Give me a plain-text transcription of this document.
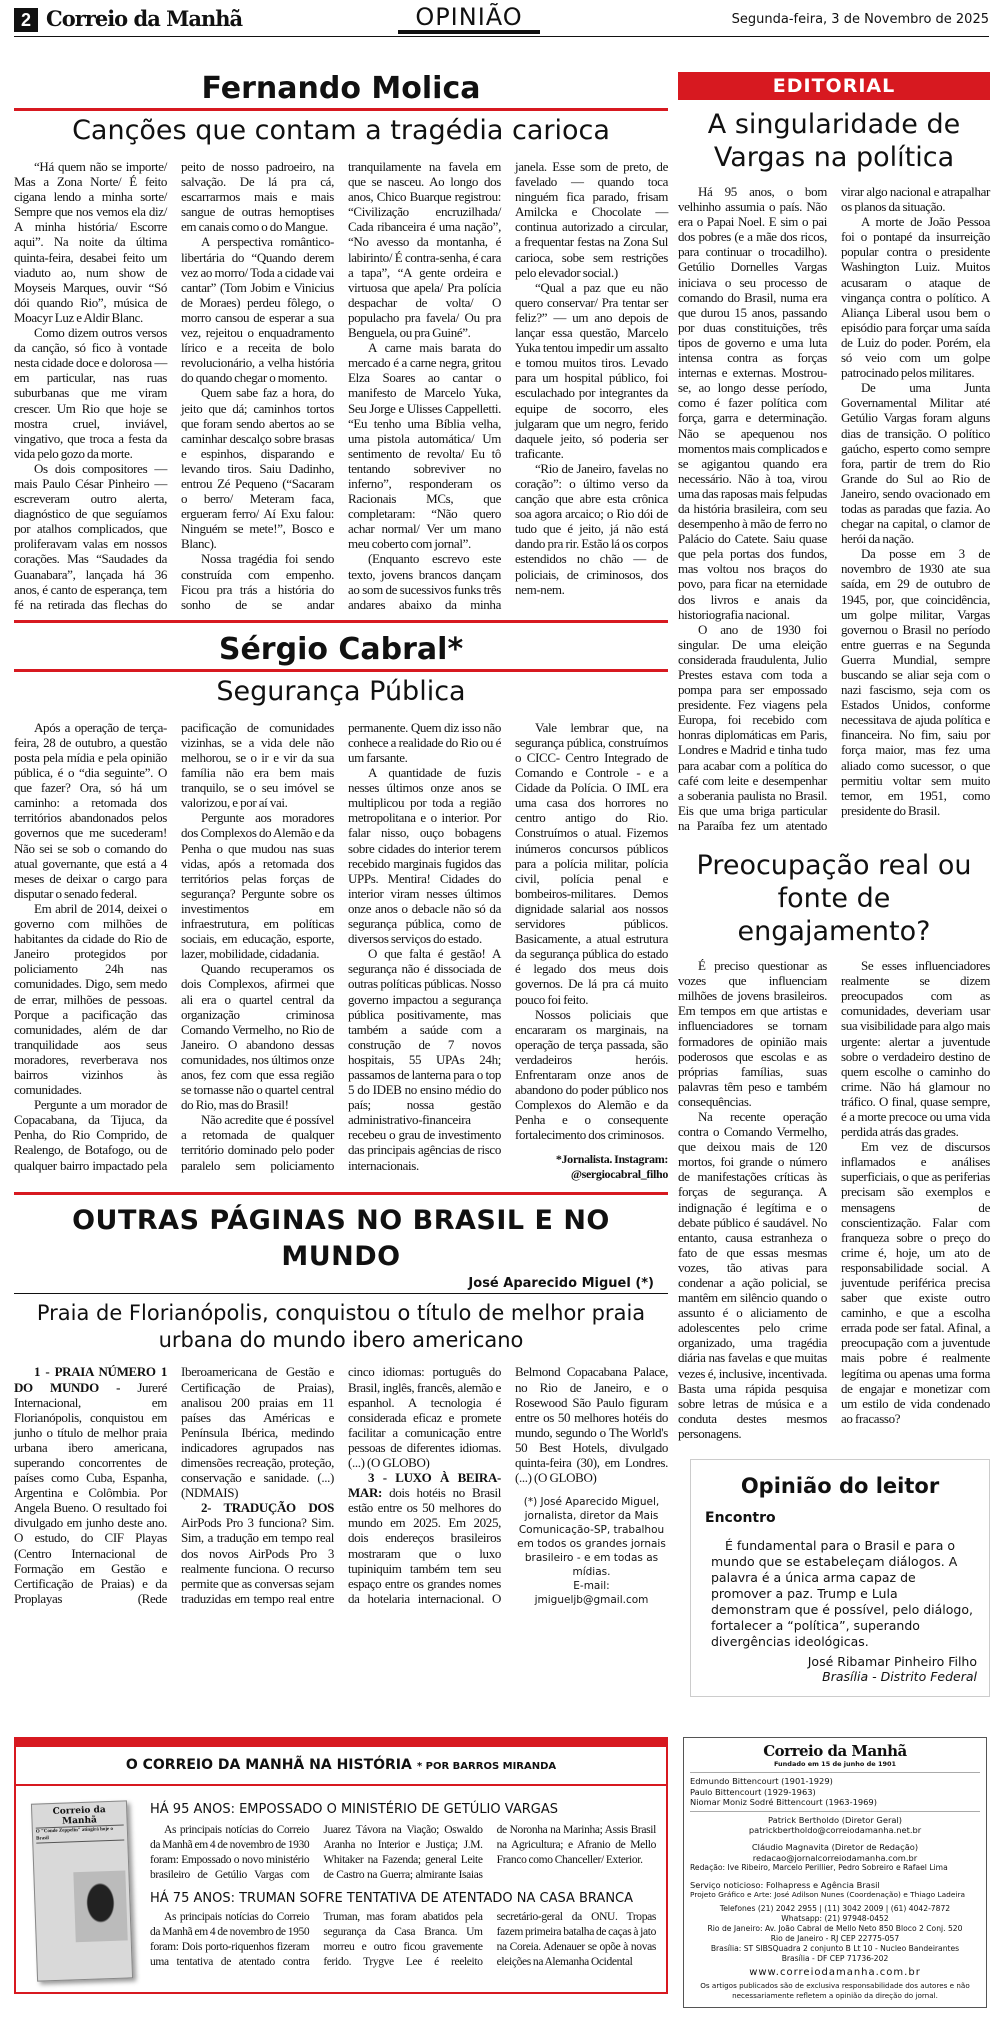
2 Correio da Manhã	OPINIÃO	Segunda-feira, 3 de Novembro de 2025
Fernando Molica
Canções que contam a tragédia carioca

“Há quem não se importe/ Mas a Zona Norte/ É feito cigana lendo a minha sorte/ Sempre que nos vemos ela diz/ A minha história/ Escorre aqui”. Na noite da última quinta-feira, desabei feito um viaduto ao, num show de Moyseis Marques, ouvir “Só dói quando Rio”, música de Moacyr Luz e Aldir Blanc.

Como dizem outros versos da canção, só fico à vontade nesta cidade doce e dolorosa — em particular, nas ruas suburbanas que me viram crescer. Um Rio que hoje se mostra cruel, inviável, vingativo, que troca a festa da vida pelo gozo da morte.

Os dois compositores — mais Paulo César Pinheiro — escreveram outro alerta, diagnóstico de que seguíamos por atalhos complicados, que proliferavam valas em nossos corações. Mas “Saudades da Guanabara”, lançada há 36 anos, é canto de esperança, tem fé na retirada das flechas do peito de nosso padroeiro, na salvação. De lá pra cá, escarrarmos mais e mais sangue de outras hemoptises em canais como o do Mangue.

A perspectiva romântico-libertária do “Quando derem vez ao morro/ Toda a cidade vai cantar” (Tom Jobim e Vinicius de Moraes) perdeu fôlego, o morro cansou de esperar a sua vez, rejeitou o enquadramento lírico e a receita de bolo revolucionário, a velha história do quando chegar o momento.

Quem sabe faz a hora, do jeito que dá; caminhos tortos que foram sendo abertos ao se caminhar descalço sobre brasas e espinhos, disparando e levando tiros. Saiu Dadinho, entrou Zé Pequeno (“Sacaram o berro/ Meteram faca, ergueram ferro/ Aí Exu falou: Ninguém se mete!”, Bosco e Blanc).

Nossa tragédia foi sendo construída com empenho. Ficou pra trás a história do sonho de se andar tranquilamente na favela em que se nasceu. Ao longo dos anos, Chico Buarque registrou: “Civilização encruzilhada/ Cada ribanceira é uma nação”, “No avesso da montanha, é labirinto/ É contra-senha, é cara a tapa”, “A gente ordeira e virtuosa que apela/ Pra polícia despachar de volta/ O populacho pra favela/ Ou pra Benguela, ou pra Guiné”.

A carne mais barata do mercado é a carne negra, gritou Elza Soares ao cantar o manifesto de Marcelo Yuka, Seu Jorge e Ulisses Cappelletti. “Eu tenho uma Bíblia velha, uma pistola automática/ Um sentimento de revolta/ Eu tô tentando sobreviver no inferno”, responderam os Racionais MCs, que completaram: “Não quero achar normal/ Ver um mano meu coberto com jornal”.

(Enquanto escrevo este texto, jovens brancos dançam ao som de sucessivos funks três andares abaixo da minha janela. Esse som de preto, de favelado — quando toca ninguém fica parado, frisam Amilcka e Chocolate — continua autorizado a circular, a frequentar festas na Zona Sul carioca, sobe sem restrições pelo elevador social.)

“Qual a paz que eu não quero conservar/ Pra tentar ser feliz?” — um ano depois de lançar essa questão, Marcelo Yuka tentou impedir um assalto e tomou muitos tiros. Levado para um hospital público, foi esculachado por integrantes da equipe de socorro, eles julgaram que um negro, ferido daquele jeito, só poderia ser traficante.

“Rio de Janeiro, favelas no coração”: o último verso da canção que abre esta crônica soa agora arcaico; o Rio dói de tudo que é jeito, já não está dando pra rir. Estão lá os corpos estendidos no chão — de policiais, de criminosos, dos nem-nem.

Sérgio Cabral*
Segurança Pública

Após a operação de terça-feira, 28 de outubro, a questão posta pela mídia e pela opinião pública, é o “dia seguinte”. O que fazer? Ora, só há um caminho: a retomada dos territórios abandonados pelos governos que me sucederam! Não sei se sob o comando do atual governante, que está a 4 meses de deixar o cargo para disputar o senado federal.

Em abril de 2014, deixei o governo com milhões de habitantes da cidade do Rio de Janeiro protegidos por policiamento 24h nas comunidades. Digo, sem medo de errar, milhões de pessoas. Porque a pacificação das comunidades, além de dar tranquilidade aos seus moradores, reverberava nos bairros vizinhos às comunidades.

Pergunte a um morador de Copacabana, da Tijuca, da Penha, do Rio Comprido, de Realengo, de Botafogo, ou de qualquer bairro impactado pela pacificação de comunidades vizinhas, se a vida dele não melhorou, se o ir e vir da sua família não era bem mais tranquilo, se o seu imóvel se valorizou, e por aí vai.

Pergunte aos moradores dos Complexos do Alemão e da Penha o que mudou nas suas vidas, após a retomada dos territórios pelas forças de segurança? Pergunte sobre os investimentos em infraestrutura, em políticas sociais, em educação, esporte, lazer, mobilidade, cidadania.

Quando recuperamos os dois Complexos, afirmei que ali era o quartel central da organização criminosa Comando Vermelho, no Rio de Janeiro. O abandono dessas comunidades, nos últimos onze anos, fez com que essa região se tornasse não o quartel central do Rio, mas do Brasil!

Não acredite que é possível a retomada de qualquer território dominado pelo poder paralelo sem policiamento permanente. Quem diz isso não conhece a realidade do Rio ou é um farsante.

A quantidade de fuzis nesses últimos onze anos se multiplicou por toda a região metropolitana e o interior. Por falar nisso, ouço bobagens sobre cidades do interior terem recebido marginais fugidos das UPPs. Mentira! Cidades do interior viram nesses últimos onze anos o debacle não só da segurança pública, como de diversos serviços do estado.

O que falta é gestão! A segurança não é dissociada de outras políticas públicas. Nosso governo impactou a segurança pública positivamente, mas também a saúde com a construção de 7 novos hospitais, 55 UPAs 24h; passamos de lanterna para o top 5 do IDEB no ensino médio do país; nossa gestão administrativo-financeira recebeu o grau de investimento das principais agências de risco internacionais.

Vale lembrar que, na segurança pública, construímos o CICC- Centro Integrado de Comando e Controle - e a Cidade da Polícia. O IML era uma casa dos horrores no centro antigo do Rio. Construímos o atual. Fizemos inúmeros concursos públicos para a polícia militar, polícia civil, polícia penal e bombeiros-militares. Demos dignidade salarial aos nossos servidores públicos. Basicamente, a atual estrutura da segurança pública do estado é legado dos meus dois governos. De lá pra cá muito pouco foi feito.

Nossos policiais que encararam os marginais, na operação de terça passada, são verdadeiros heróis. Enfrentaram onze anos de abandono do poder público nos Complexos do Alemão e da Penha e o consequente fortalecimento dos criminosos.

*Jornalista. Instagram: @sergiocabral_filho
OUTRAS PÁGINAS NO BRASIL E NO MUNDO
José Aparecido Miguel (*)
Praia de Florianópolis, conquistou o título de melhor praia urbana do mundo ibero americano

1 - PRAIA NÚMERO 1 DO MUNDO - Jureré Internacional, em Florianópolis, conquistou em junho o título de melhor praia urbana ibero americana, superando concorrentes de países como Cuba, Espanha, Argentina e Colômbia. Por Angela Bueno. O resultado foi divulgado em junho deste ano. O estudo, do CIF Playas (Centro Internacional de Formação em Gestão e Certificação de Praias) e da Proplayas (Rede Iberoamericana de Gestão e Certificação de Praias), analisou 200 praias em 11 países das Américas e Península Ibérica, medindo indicadores agrupados nas dimensões recreação, proteção, conservação e sanidade. (...) (NDMAIS)

2- TRADUÇÃO DOS AirPods Pro 3 funciona? Sim. Sim, a tradução em tempo real dos novos AirPods Pro 3 realmente funciona. O recurso permite que as conversas sejam traduzidas em tempo real entre cinco idiomas: português do Brasil, inglês, francês, alemão e espanhol. A tecnologia é considerada eficaz e promete facilitar a comunicação entre pessoas de diferentes idiomas. (...) (O GLOBO)

3 - LUXO À BEIRA-MAR: dois hotéis no Brasil estão entre os 50 melhores do mundo em 2025. Em 2025, dois endereços brasileiros mostraram que o luxo tupiniquim também tem seu espaço entre os grandes nomes da hotelaria internacional. O Belmond Copacabana Palace, no Rio de Janeiro, e o Rosewood São Paulo figuram entre os 50 melhores hotéis do mundo, segundo o The World's 50 Best Hotels, divulgado quinta-feira (30), em Londres. (...) (O GLOBO)

(*) José Aparecido Miguel, jornalista, diretor da Mais Comunicação-SP, trabalhou em todos os grandes jornais brasileiro - e em todas as mídias.
E-mail: jmigueljb@gmail.com
EDITORIAL
A singularidade de Vargas na política

Há 95 anos, o bom velhinho assumia o país. Não era o Papai Noel. E sim o pai dos pobres (e a mãe dos ricos, para continuar o trocadilho). Getúlio Dornelles Vargas iniciava o seu processo de comando do Brasil, numa era que durou 15 anos, passando por duas constituições, três tipos de governo e uma luta intensa contra as forças internas e externas. Mostrou-se, ao longo desse período, como é fazer política com força, garra e determinação. Não se apequenou nos momentos mais complicados e se agigantou quando era necessário. Não à toa, virou uma das raposas mais felpudas da história brasileira, com seu desempenho à mão de ferro no Palácio do Catete. Saiu quase que pela portas dos fundos, mas voltou nos braços do povo, para ficar na eternidade dos livros e anais da historiografia nacional.

O ano de 1930 foi singular. De uma eleição considerada fraudulenta, Julio Prestes estava com toda a pompa para ser empossado presidente. Fez viagens pela Europa, foi recebido com honras diplomáticas em Paris, Londres e Madrid e tinha tudo para acabar com a política do café com leite e desempenhar a soberania paulista no Brasil. Eis que uma briga particular na Paraíba fez um atentado virar algo nacional e atrapalhar os planos da situação.

A morte de João Pessoa foi o pontapé da insurreição popular contra o presidente Washington Luiz. Muitos acusaram o ataque de vingança contra o político. A Aliança Liberal usou bem o episódio para forçar uma saída de Luiz do poder. Porém, ela só veio com um golpe patrocinado pelos militares.

De uma Junta Governamental Militar até Getúlio Vargas foram alguns dias de transição. O político gaúcho, esperto como sempre fora, partir de trem do Rio Grande do Sul ao Rio de Janeiro, sendo ovacionado em todas as paradas que fazia. Ao chegar na capital, o clamor de herói da nação.

Da posse em 3 de novembro de 1930 ate sua saída, em 29 de outubro de 1945, por, que coincidência, um golpe militar, Vargas governou o Brasil no período entre guerras e na Segunda Guerra Mundial, sempre buscando se aliar seja com o nazi fascismo, seja com os Estados Unidos, conforme necessitava de ajuda política e financeira. No fim, saiu por força maior, mas fez uma aliado como sucessor, o que permitiu voltar sem muito temor, em 1951, como presidente do Brasil.

Preocupação real ou fonte de engajamento?

É preciso questionar as vozes que influenciam milhões de jovens brasileiros. Em tempos em que artistas e influenciadores se tornam formadores de opinião mais poderosos que escolas e as próprias famílias, suas palavras têm peso e também consequências.

Na recente operação contra o Comando Vermelho, que deixou mais de 120 mortos, foi grande o número de manifestações críticas às forças de segurança. A indignação é legítima e o debate público é saudável. No entanto, causa estranheza o fato de que essas mesmas vozes, tão ativas para condenar a ação policial, se mantêm em silêncio quando o assunto é o aliciamento de adolescentes pelo crime organizado, uma tragédia diária nas favelas e que muitas vezes é, inclusive, incentivada. Basta uma rápida pesquisa sobre letras de música e a conduta destes mesmos personagens.

Se esses influenciadores realmente se dizem preocupados com as comunidades, deveriam usar sua visibilidade para algo mais urgente: alertar a juventude sobre o verdadeiro destino de quem escolhe o caminho do crime. Não há glamour no tráfico. O final, quase sempre, é a morte precoce ou uma vida perdida atrás das grades.

Em vez de discursos inflamados e análises superficiais, o que as periferias precisam são exemplos e mensagens de conscientização. Falar com franqueza sobre o preço do crime é, hoje, um ato de responsabilidade social. A juventude periférica precisa saber que existe outro caminho, e que a escolha errada pode ser fatal. Afinal, a preocupação com a juventude mais pobre é realmente legítima ou apenas uma forma de engajar e monetizar com um estilo de vida condenado ao fracasso?

Opinião do leitor
Encontro
É fundamental para o Brasil e para o mundo que se estabeleçam diálogos. A palavra é a única arma capaz de promover a paz. Trump e Lula demonstram que é possível, pelo diálogo, fortalecer a “política”, superando divergências ideológicas.
José Ribamar Pinheiro Filho
Brasília - Distrito Federal
O CORREIO DA MANHÃ NA HISTÓRIA * POR BARROS MIRANDA
Correio da Manhã
O "Conde Zeppelin" atingirá hoje o Brasil
HÁ 95 ANOS: EMPOSSADO O MINISTÉRIO DE GETÚLIO VARGAS
As principais notícias do Correio da Manhã em 4 de novembro de 1930 foram: Empossado o novo ministério brasileiro de Getúlio Vargas com Juarez Távora na Viação; Oswaldo Aranha no Interior e Justiça; J.M. Whitaker na Fazenda; general Leite de Castro na Guerra; almirante Isaias de Noronha na Marinha; Assis Brasil na Agricultura; e Afranio de Mello Franco como Chanceller/ Exterior.
HÁ 75 ANOS: TRUMAN SOFRE TENTATIVA DE ATENTADO NA CASA BRANCA
As principais notícias do Correio da Manhã em 4 de novembro de 1950 foram: Dois porto-riquenhos fizeram uma tentativa de atentado contra Truman, mas foram abatidos pela segurança da Casa Branca. Um morreu e outro ficou gravemente ferido. Trygve Lee é reeleito secretário-geral da ONU. Tropas fazem primeira batalha de caças à jato na Coreia. Adenauer se opõe à novas eleições na Alemanha Ocidental
Correio da Manhã
Fundado em 15 de junho de 1901
Edmundo Bittencourt (1901-1929)
Paulo Bittencourt (1929-1963)
Niomar Moniz Sodré Bittencourt (1963-1969)
Patrick Bertholdo (Diretor Geral)
patrickbertholdo@correiodamanha.net.br
Cláudio Magnavita (Diretor de Redação)
redacao@jornalcorreiodamanha.com.br
Redação: Ive Ribeiro, Marcelo Perillier, Pedro Sobreiro e Rafael Lima
Serviço noticioso: Folhapress e Agência Brasil
Projeto Gráfico e Arte: José Adilson Nunes (Coordenação) e Thiago Ladeira
Telefones (21) 2042 2955 | (11) 3042 2009 | (61) 4042-7872
Whatsapp: (21) 97948-0452
Rio de Janeiro: Av. João Cabral de Mello Neto 850 Bloco 2 Conj. 520
Rio de Janeiro - RJ CEP 22775-057
Brasília: ST SIBSQuadra 2 conjunto B Lt 10 - Nucleo Bandeirantes
Brasília - DF CEP 71736-202
www.correiodamanha.com.br
Os artigos publicados são de exclusiva responsabilidade dos autores e não necessariamente refletem a opinião da direção do jornal.
